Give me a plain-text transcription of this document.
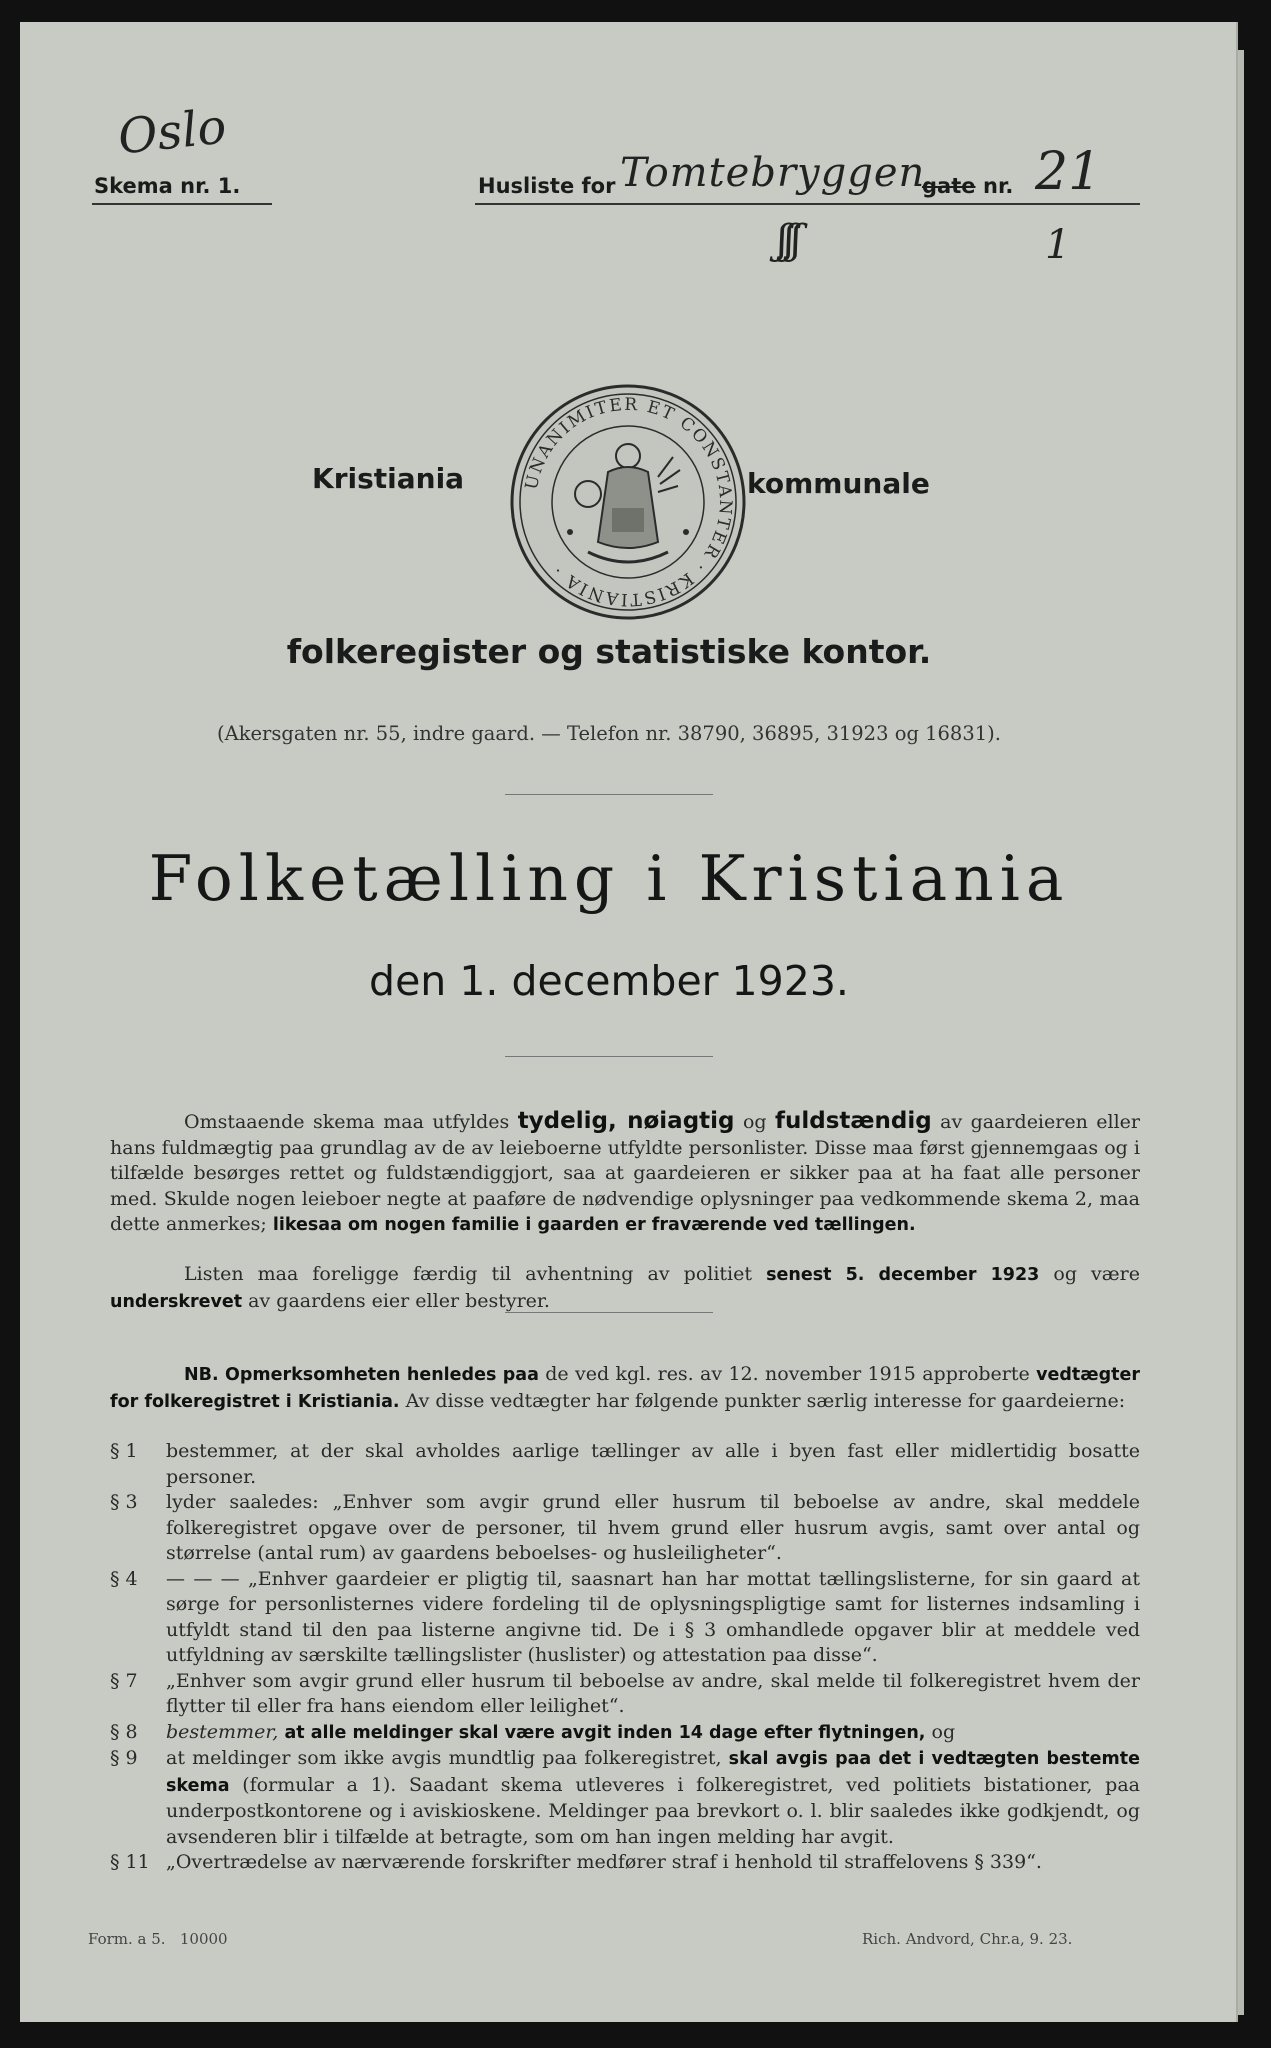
Oslo
Skema nr. 1.	Husliste for Tomtebryggen
gate nr. 21
ʃʃʃ	1
Kristiania	kommunale
UNANIMITER ET CONSTANTER · KRISTIANIA ·
folkeregister og statistiske kontor.
(Akersgaten nr. 55, indre gaard. — Telefon nr. 38790, 36895, 31923 og 16831).
Folketælling i Kristiania
den 1. december 1923.
Omstaaende skema maa utfyldes tydelig, nøiagtig og fuldstændig av gaardeieren eller hans fuldmægtig paa grundlag av de av leieboerne utfyldte personlister. Disse maa først gjennemgaas og i tilfælde besørges rettet og fuldstændiggjort, saa at gaardeieren er sikker paa at ha faat alle personer med. Skulde nogen leieboer negte at paaføre de nødvendige oplysninger paa vedkommende skema 2, maa dette anmerkes; likesaa om nogen familie i gaarden er fraværende ved tællingen.
Listen maa foreligge færdig til avhentning av politiet senest 5. december 1923 og være underskrevet av gaardens eier eller bestyrer.
NB. Opmerksomheten henledes paa de ved kgl. res. av 12. november 1915 approberte vedtægter for folkeregistret i Kristiania. Av disse vedtægter har følgende punkter særlig interesse for gaardeierne:
§ 1	bestemmer, at der skal avholdes aarlige tællinger av alle i byen fast eller midlertidig bosatte personer.
§ 3	lyder saaledes: „Enhver som avgir grund eller husrum til beboelse av andre, skal meddele folkeregistret opgave over de personer, til hvem grund eller husrum avgis, samt over antal og størrelse (antal rum) av gaardens beboelses- og husleiligheter“.
§ 4	— — — „Enhver gaardeier er pligtig til, saasnart han har mottat tællingslisterne, for sin gaard at sørge for personlisternes videre fordeling til de oplysningspligtige samt for listernes indsamling i utfyldt stand til den paa listerne angivne tid. De i § 3 omhandlede opgaver blir at meddele ved utfyldning av særskilte tællingslister (huslister) og attestation paa disse“.
§ 7	„Enhver som avgir grund eller husrum til beboelse av andre, skal melde til folkeregistret hvem der flytter til eller fra hans eiendom eller leilighet“.
§ 8	bestemmer, at alle meldinger skal være avgit inden 14 dage efter flytningen, og
§ 9	at meldinger som ikke avgis mundtlig paa folkeregistret, skal avgis paa det i vedtægten bestemte skema (formular a 1). Saadant skema utleveres i folkeregistret, ved politiets bistationer, paa underpostkontorene og i aviskioskene. Meldinger paa brevkort o. l. blir saaledes ikke godkjendt, og avsenderen blir i tilfælde at betragte, som om han ingen melding har avgit.
§ 11 „Overtrædelse av nærværende forskrifter medfører straf i henhold til straffelovens § 339“.
Form. a 5.   10000	Rich. Andvord, Chr.a, 9. 23.
